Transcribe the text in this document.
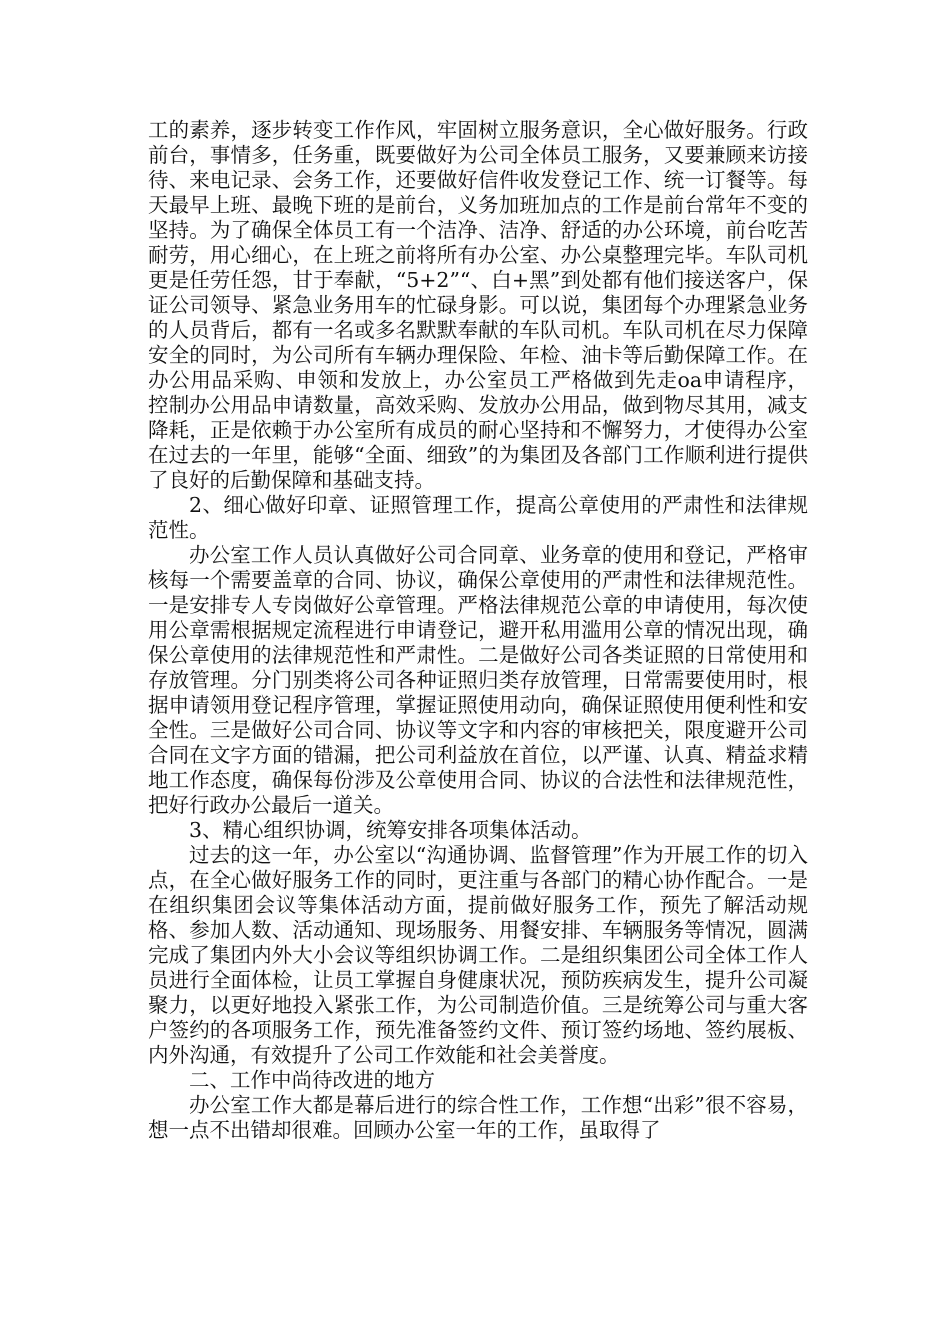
工的素养，逐步转变工作作风，牢固树立服务意识，全心做好服务。行政前台，事情多，任务重，既要做好为公司全体员工服务，又要兼顾来访接待、来电记录、会务工作，还要做好信件收发登记工作、统一订餐等。每天最早上班、最晚下班的是前台，义务加班加点的工作是前台常年不变的坚持。为了确保全体员工有一个洁净、洁净、舒适的办公环境，前台吃苦耐劳，用心细心，在上班之前将所有办公室、办公桌整理完毕。车队司机更是任劳任怨，甘于奉献，“5+2”“、白+黑”到处都有他们接送客户，保证公司领导、紧急业务用车的忙碌身影。可以说，集团每个办理紧急业务的人员背后，都有一名或多名默默奉献的车队司机。车队司机在尽力保障安全的同时，为公司所有车辆办理保险、年检、油卡等后勤保障工作。在办公用品采购、申领和发放上，办公室员工严格做到先走oa申请程序，控制办公用品申请数量，高效采购、发放办公用品，做到物尽其用，减支降耗，正是依赖于办公室所有成员的耐心坚持和不懈努力，才使得办公室在过去的一年里，能够“全面、细致”的为集团及各部门工作顺利进行提供了良好的后勤保障和基础支持。

2、细心做好印章、证照管理工作，提高公章使用的严肃性和法律规范性。

办公室工作人员认真做好公司合同章、业务章的使用和登记，严格审核每一个需要盖章的合同、协议，确保公章使用的严肃性和法律规范性。一是安排专人专岗做好公章管理。严格法律规范公章的申请使用，每次使用公章需根据规定流程进行申请登记，避开私用滥用公章的情况出现，确保公章使用的法律规范性和严肃性。二是做好公司各类证照的日常使用和存放管理。分门别类将公司各种证照归类存放管理，日常需要使用时，根据申请领用登记程序管理，掌握证照使用动向，确保证照使用便利性和安全性。三是做好公司合同、协议等文字和内容的审核把关，限度避开公司合同在文字方面的错漏，把公司利益放在首位，以严谨、认真、精益求精地工作态度，确保每份涉及公章使用合同、协议的合法性和法律规范性，把好行政办公最后一道关。

3、精心组织协调，统筹安排各项集体活动。

过去的这一年，办公室以“沟通协调、监督管理”作为开展工作的切入点，在全心做好服务工作的同时，更注重与各部门的精心协作配合。一是在组织集团会议等集体活动方面，提前做好服务工作，预先了解活动规格、参加人数、活动通知、现场服务、用餐安排、车辆服务等情况，圆满完成了集团内外大小会议等组织协调工作。二是组织集团公司全体工作人员进行全面体检，让员工掌握自身健康状况，预防疾病发生，提升公司凝聚力，以更好地投入紧张工作，为公司制造价值。三是统筹公司与重大客户签约的各项服务工作，预先准备签约文件、预订签约场地、签约展板、内外沟通，有效提升了公司工作效能和社会美誉度。

二、工作中尚待改进的地方

办公室工作大都是幕后进行的综合性工作，工作想“出彩”很不容易，想一点不出错却很难。回顾办公室一年的工作，虽取得了
